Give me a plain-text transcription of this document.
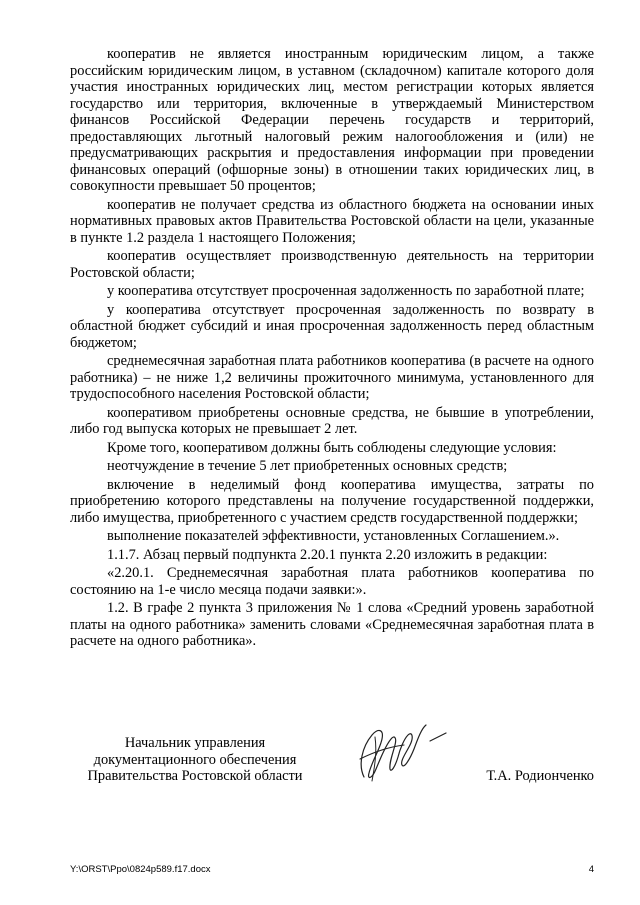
кооператив не является иностранным юридическим лицом, а также российским юридическим лицом, в уставном (складочном) капитале которого доля участия иностранных юридических лиц, местом регистрации которых является государство или территория, включенные в утверждаемый Министерством финансов Российской Федерации перечень государств и территорий, предоставляющих льготный налоговый режим налогообложения и (или) не предусматривающих раскрытия и предоставления информации при проведении финансовых операций (офшорные зоны) в отношении таких юридических лиц, в совокупности превышает 50 процентов;

кооператив не получает средства из областного бюджета на основании иных нормативных правовых актов Правительства Ростовской области на цели, указанные в пункте 1.2 раздела 1 настоящего Положения;

кооператив осуществляет производственную деятельность на территории Ростовской области;

у кооператива отсутствует просроченная задолженность по заработной плате;

у кооператива отсутствует просроченная задолженность по возврату в областной бюджет субсидий и иная просроченная задолженность перед областным бюджетом;

среднемесячная заработная плата работников кооператива (в расчете на одного работника) – не ниже 1,2 величины прожиточного минимума, установленного для трудоспособного населения Ростовской области;

кооперативом приобретены основные средства, не бывшие в употреблении, либо год выпуска которых не превышает 2 лет.

Кроме того, кооперативом должны быть соблюдены следующие условия:

неотчуждение в течение 5 лет приобретенных основных средств;

включение в неделимый фонд кооператива имущества, затраты по приобретению которого представлены на получение государственной поддержки, либо имущества, приобретенного с участием средств государственной поддержки;

выполнение показателей эффективности, установленных Соглашением.».

1.1.7. Абзац первый подпункта 2.20.1 пункта 2.20 изложить в редакции:

«2.20.1. Среднемесячная заработная плата работников кооператива по состоянию на 1-е число месяца подачи заявки:».

1.2. В графе 2 пункта 3 приложения № 1 слова «Средний уровень заработной платы на одного работника» заменить словами «Среднемесячная заработная плата в расчете на одного работника».

Начальник управления
документационного обеспечения
Правительства Ростовской области	Т.А. Родионченко
Y:\ORST\Ppo\0824p589.f17.docx	4
